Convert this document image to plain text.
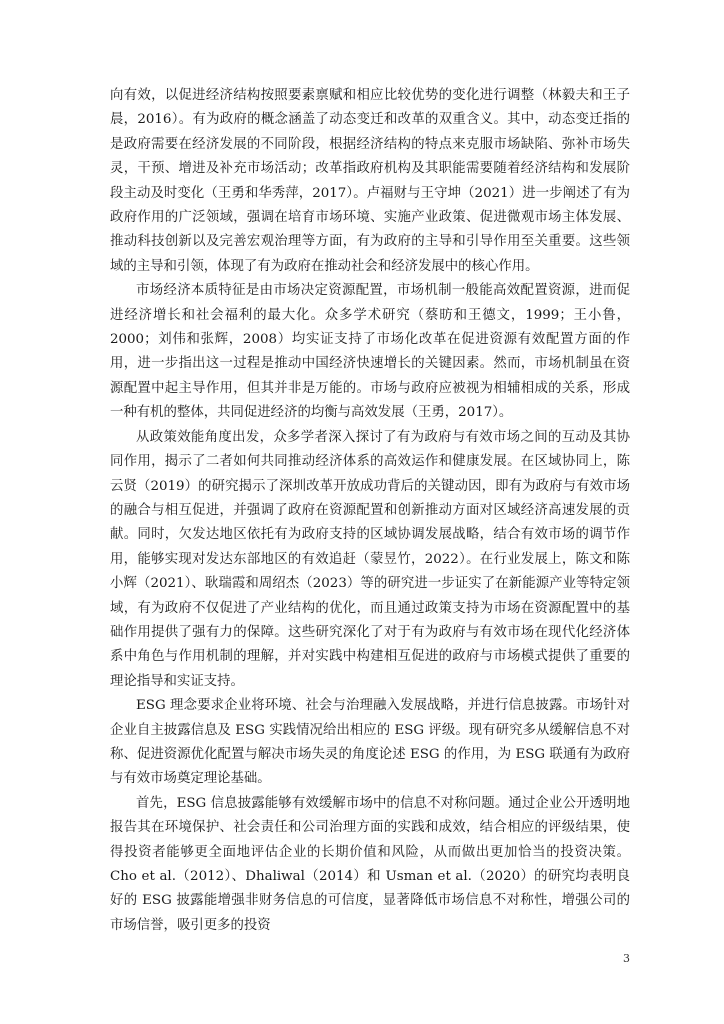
向有效，以促进经济结构按照要素禀赋和相应比较优势的变化进行调整（林毅夫和王子晨，2016）。有为政府的概念涵盖了动态变迁和改革的双重含义。其中，动态变迁指的是政府需要在经济发展的不同阶段，根据经济结构的特点来克服市场缺陷、弥补市场失灵，干预、增进及补充市场活动；改革指政府机构及其职能需要随着经济结构和发展阶段主动及时变化（王勇和华秀萍，2017）。卢福财与王守坤（2021）进一步阐述了有为政府作用的广泛领域，强调在培育市场环境、实施产业政策、促进微观市场主体发展、推动科技创新以及完善宏观治理等方面，有为政府的主导和引导作用至关重要。这些领域的主导和引领，体现了有为政府在推动社会和经济发展中的核心作用。

市场经济本质特征是由市场决定资源配置，市场机制一般能高效配置资源，进而促进经济增长和社会福利的最大化。众多学术研究（蔡昉和王德文，1999；王小鲁，2000；刘伟和张辉，2008）均实证支持了市场化改革在促进资源有效配置方面的作用，进一步指出这一过程是推动中国经济快速增长的关键因素。然而，市场机制虽在资源配置中起主导作用，但其并非是万能的。市场与政府应被视为相辅相成的关系，形成一种有机的整体，共同促进经济的均衡与高效发展（王勇，2017）。

从政策效能角度出发，众多学者深入探讨了有为政府与有效市场之间的互动及其协同作用，揭示了二者如何共同推动经济体系的高效运作和健康发展。在区域协同上，陈云贤（2019）的研究揭示了深圳改革开放成功背后的关键动因，即有为政府与有效市场的融合与相互促进，并强调了政府在资源配置和创新推动方面对区域经济高速发展的贡献。同时，欠发达地区依托有为政府支持的区域协调发展战略，结合有效市场的调节作用，能够实现对发达东部地区的有效追赶（蒙昱竹，2022）。在行业发展上，陈文和陈小辉（2021）、耿瑞霞和周绍杰（2023）等的研究进一步证实了在新能源产业等特定领域，有为政府不仅促进了产业结构的优化，而且通过政策支持为市场在资源配置中的基础作用提供了强有力的保障。这些研究深化了对于有为政府与有效市场在现代化经济体系中角色与作用机制的理解，并对实践中构建相互促进的政府与市场模式提供了重要的理论指导和实证支持。

ESG 理念要求企业将环境、社会与治理融入发展战略，并进行信息披露。市场针对企业自主披露信息及 ESG 实践情况给出相应的 ESG 评级。现有研究多从缓解信息不对称、促进资源优化配置与解决市场失灵的角度论述 ESG 的作用，为 ESG 联通有为政府与有效市场奠定理论基础。

首先，ESG 信息披露能够有效缓解市场中的信息不对称问题。通过企业公开透明地报告其在环境保护、社会责任和公司治理方面的实践和成效，结合相应的评级结果，使得投资者能够更全面地评估企业的长期价值和风险，从而做出更加恰当的投资决策。Cho et al.（2012）、Dhaliwal（2014）和 Usman et al.（2020）的研究均表明良好的 ESG 披露能增强非财务信息的可信度，显著降低市场信息不对称性，增强公司的市场信誉，吸引更多的投资

3
